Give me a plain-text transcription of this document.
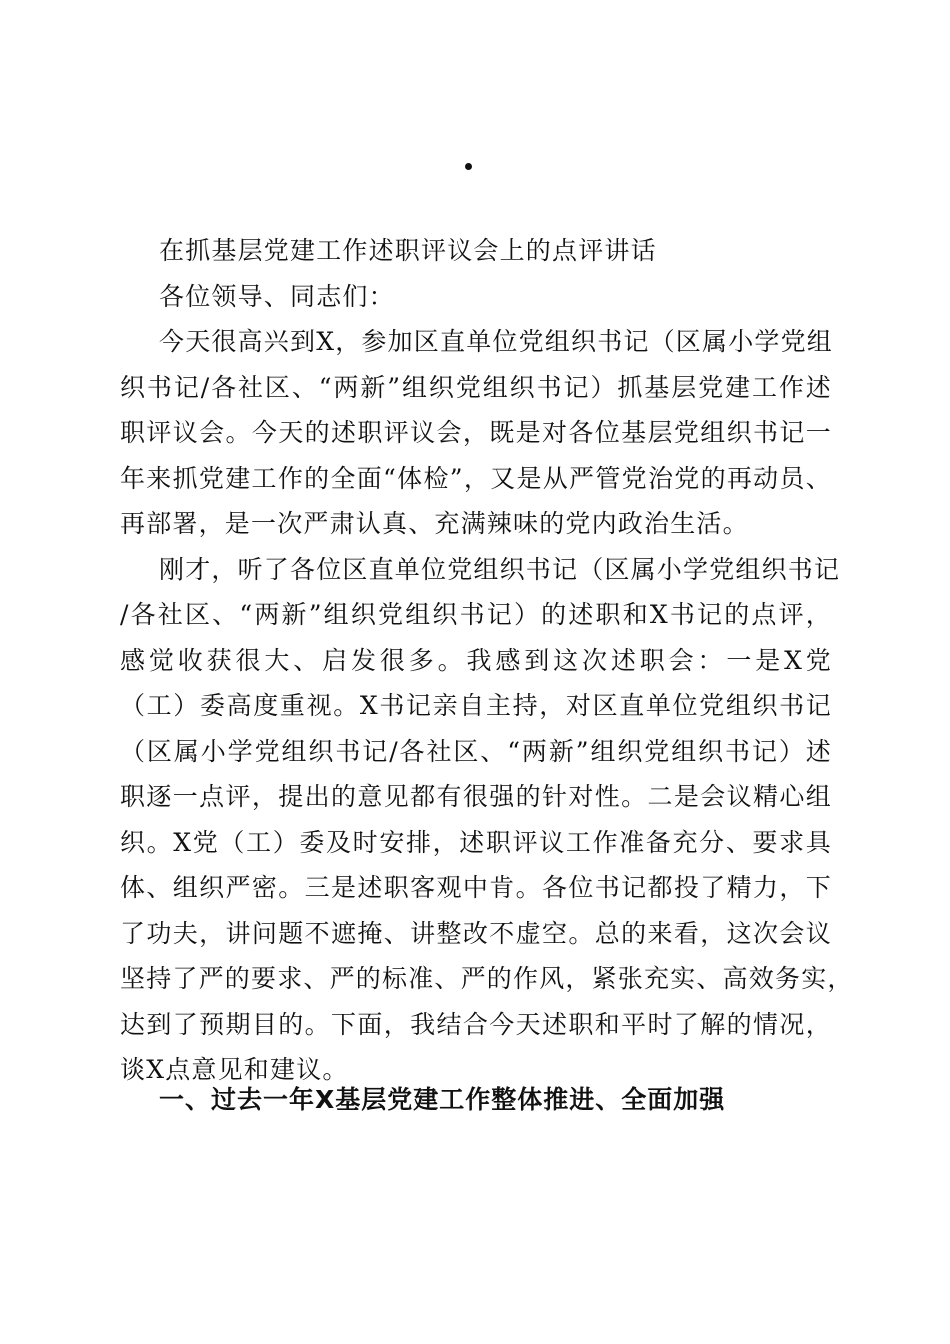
在抓基层党建工作述职评议会上的点评讲话
各位领导、同志们：
今天很高兴到X，参加区直单位党组织书记（区属小学党组
织书记/各社区、“两新”组织党组织书记）抓基层党建工作述
职评议会。今天的述职评议会，既是对各位基层党组织书记一
年来抓党建工作的全面“体检”，又是从严管党治党的再动员、
再部署，是一次严肃认真、充满辣味的党内政治生活。
刚才，听了各位区直单位党组织书记（区属小学党组织书记
/各社区、“两新”组织党组织书记）的述职和X书记的点评，
感觉收获很大、启发很多。我感到这次述职会：一是X党
（工）委高度重视。X书记亲自主持，对区直单位党组织书记
（区属小学党组织书记/各社区、“两新”组织党组织书记）述
职逐一点评，提出的意见都有很强的针对性。二是会议精心组
织。X党（工）委及时安排，述职评议工作准备充分、要求具
体、组织严密。三是述职客观中肯。各位书记都投了精力，下
了功夫，讲问题不遮掩、讲整改不虚空。总的来看，这次会议
坚持了严的要求、严的标准、严的作风，紧张充实、高效务实，
达到了预期目的。下面，我结合今天述职和平时了解的情况，
谈X点意见和建议。
一、过去一年X基层党建工作整体推进、全面加强
